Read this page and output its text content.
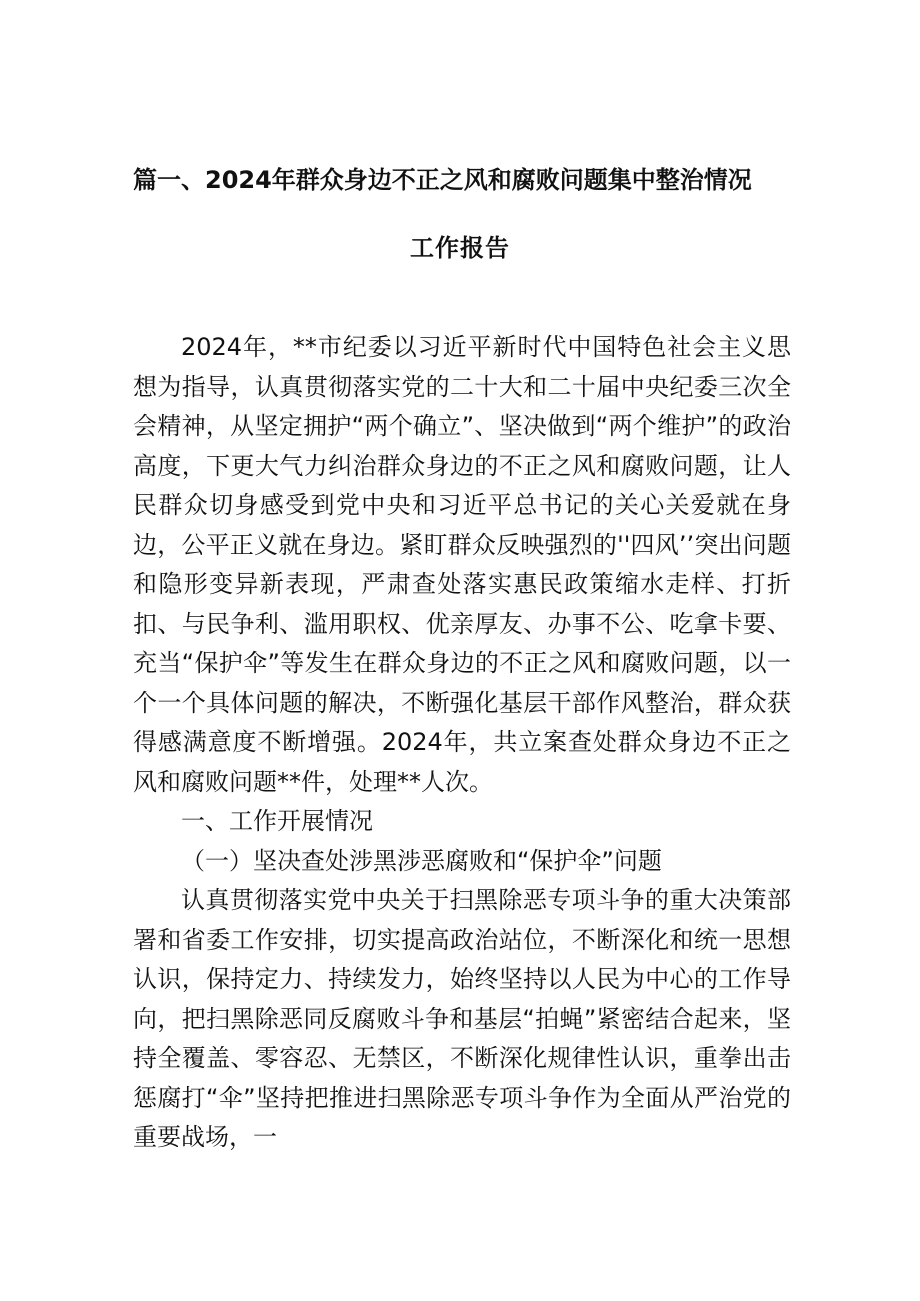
篇一、2024年群众身边不正之风和腐败问题集中整治情况
工作报告

2024年，**市纪委以习近平新时代中国特色社会主义思想为指导，认真贯彻落实党的二十大和二十届中央纪委三次全会精神，从坚定拥护“两个确立”、坚决做到“两个维护”的政治高度，下更大气力纠治群众身边的不正之风和腐败问题，让人民群众切身感受到党中央和习近平总书记的关心关爱就在身边，公平正义就在身边。紧盯群众反映强烈的''四风’’突出问题和隐形变异新表现，严肃查处落实惠民政策缩水走样、打折扣、与民争利、滥用职权、优亲厚友、办事不公、吃拿卡要、充当“保护伞”等发生在群众身边的不正之风和腐败问题，以一个一个具体问题的解决，不断强化基层干部作风整治，群众获得感满意度不断增强。2024年，共立案查处群众身边不正之风和腐败问题**件，处理**人次。

一、工作开展情况

（一）坚决查处涉黑涉恶腐败和“保护伞”问题

认真贯彻落实党中央关于扫黑除恶专项斗争的重大决策部署和省委工作安排，切实提高政治站位，不断深化和统一思想认识，保持定力、持续发力，始终坚持以人民为中心的工作导向，把扫黑除恶同反腐败斗争和基层“拍蝇”紧密结合起来，坚持全覆盖、零容忍、无禁区，不断深化规律性认识，重拳出击惩腐打“伞”坚持把推进扫黑除恶专项斗争作为全面从严治党的重要战场，一
